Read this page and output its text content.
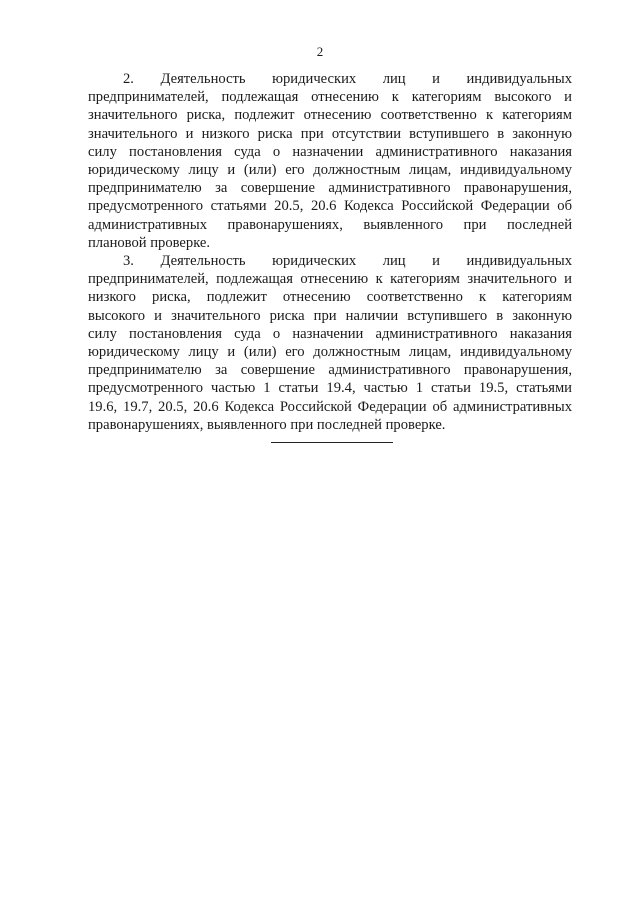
2

2. Деятельность юридических лиц и индивидуальных
предпринимателей, подлежащая отнесению к категориям высокого и
значительного риска, подлежит отнесению соответственно к категориям
значительного и низкого риска при отсутствии вступившего в законную
силу постановления суда о назначении административного наказания
юридическому лицу и (или) его должностным лицам, индивидуальному
предпринимателю за совершение административного правонарушения,
предусмотренного статьями 20.5, 20.6 Кодекса Российской Федерации об
административных правонарушениях, выявленного при последней
плановой проверке.

3. Деятельность юридических лиц и индивидуальных
предпринимателей, подлежащая отнесению к категориям значительного и
низкого риска, подлежит отнесению соответственно к категориям
высокого и значительного риска при наличии вступившего в законную
силу постановления суда о назначении административного наказания
юридическому лицу и (или) его должностным лицам, индивидуальному
предпринимателю за совершение административного правонарушения,
предусмотренного частью 1 статьи 19.4, частью 1 статьи 19.5, статьями
19.6, 19.7, 20.5, 20.6 Кодекса Российской Федерации об административных
правонарушениях, выявленного при последней проверке.
